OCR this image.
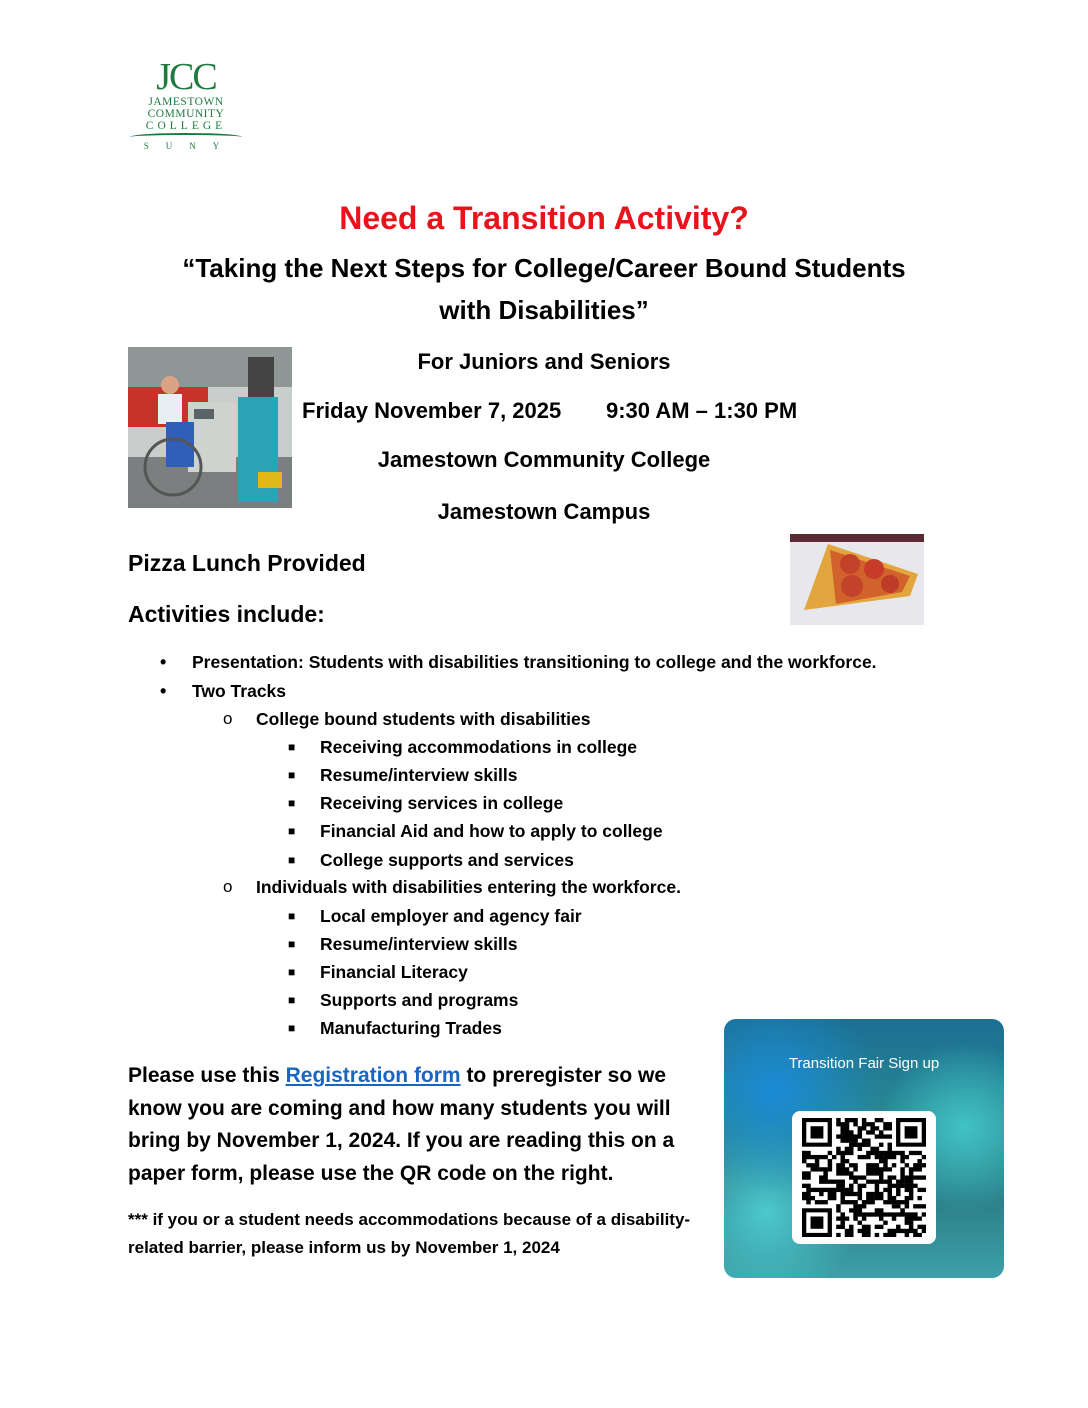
JCC
JAMESTOWN
COMMUNITY
COLLEGE
SUNY
Need a Transition Activity?
“Taking the Next Steps for College/Career Bound Students
with Disabilities”
For Juniors and Seniors
Friday November 7, 2025 9:30 AM – 1:30 PM
Jamestown Community College
Jamestown Campus
Pizza Lunch Provided
Activities include:
• Presentation: Students with disabilities transitioning to college and the workforce.
• Two Tracks
o College bound students with disabilities
■ Receiving accommodations in college
■ Resume/interview skills
■ Receiving services in college
■ Financial Aid and how to apply to college
■ College supports and services
o Individuals with disabilities entering the workforce.
■ Local employer and agency fair
■ Resume/interview skills
■ Financial Literacy
■ Supports and programs
■ Manufacturing Trades
Please use this Registration form to preregister so we know you are coming and how many students you will bring by November 1, 2024. If you are reading this on a paper form, please use the QR code on the right.
*** if you or a student needs accommodations because of a disability-related barrier, please inform us by November 1, 2024
Transition Fair Sign up
